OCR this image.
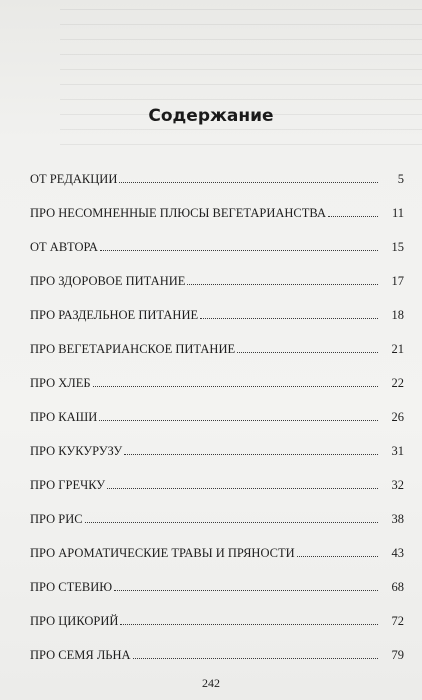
Содержание
ОТ РЕДАКЦИИ	5
ПРО НЕСОМНЕННЫЕ ПЛЮСЫ ВЕГЕТАРИАНСТВА	11
ОТ АВТОРА	15
ПРО ЗДОРОВОЕ ПИТАНИЕ	17
ПРО РАЗДЕЛЬНОЕ ПИТАНИЕ	18
ПРО ВЕГЕТАРИАНСКОЕ ПИТАНИЕ	21
ПРО ХЛЕБ	22
ПРО КАШИ	26
ПРО КУКУРУЗУ	31
ПРО ГРЕЧКУ	32
ПРО РИС	38
ПРО АРОМАТИЧЕСКИЕ ТРАВЫ И ПРЯНОСТИ	43
ПРО СТЕВИЮ	68
ПРО ЦИКОРИЙ	72
ПРО СЕМЯ ЛЬНА	79
242
